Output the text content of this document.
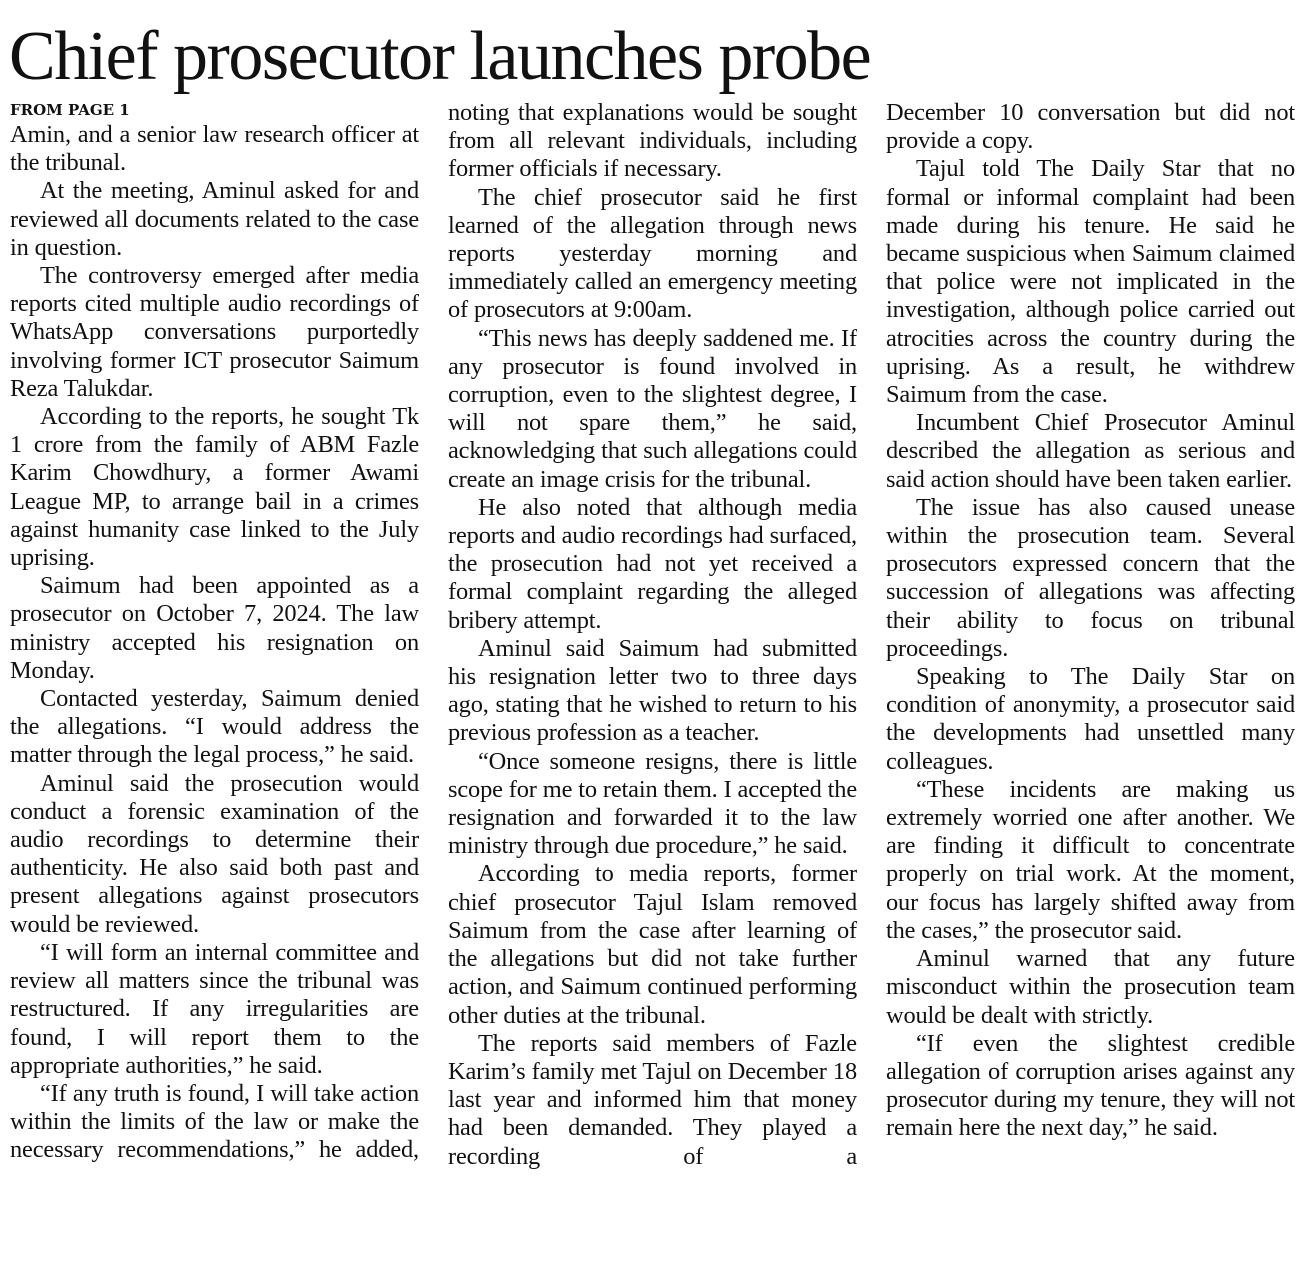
Chief prosecutor launches probe
FROM PAGE 1

Amin, and a senior law research officer at the tribunal.

At the meeting, Aminul asked for and reviewed all documents related to the case in question.

The controversy emerged after media reports cited multiple audio recordings of WhatsApp conversations purportedly involving former ICT prosecutor Saimum Reza Talukdar.

According to the reports, he sought Tk 1 crore from the family of ABM Fazle Karim Chowdhury, a former Awami League MP, to arrange bail in a crimes against humanity case linked to the July uprising.

Saimum had been appointed as a prosecutor on October 7, 2024. The law ministry accepted his resignation on Monday.

Contacted yesterday, Saimum denied the allegations. “I would address the matter through the legal process,” he said.

Aminul said the prosecution would conduct a forensic examination of the audio recordings to determine their authenticity. He also said both past and present allegations against prosecutors would be reviewed.

“I will form an internal committee and review all matters since the tribunal was restructured. If any irregularities are found, I will report them to the appropriate authorities,” he said.

“If any truth is found, I will take action within the limits of the law or make the necessary recommendations,” he added,

noting that explanations would be sought from all relevant individuals, including former officials if necessary.

The chief prosecutor said he first learned of the allegation through news reports yesterday morning and immediately called an emergency meeting of prosecutors at 9:00am.

“This news has deeply saddened me. If any prosecutor is found involved in corruption, even to the slightest degree, I will not spare them,” he said, acknowledging that such allegations could create an image crisis for the tribunal.

He also noted that although media reports and audio recordings had surfaced, the prosecution had not yet received a formal complaint regarding the alleged bribery attempt.

Aminul said Saimum had submitted his resignation letter two to three days ago, stating that he wished to return to his previous profession as a teacher.

“Once someone resigns, there is little scope for me to retain them. I accepted the resignation and forwarded it to the law ministry through due procedure,” he said.

According to media reports, former chief prosecutor Tajul Islam removed Saimum from the case after learning of the allegations but did not take further action, and Saimum continued performing other duties at the tribunal.

The reports said members of Fazle Karim’s family met Tajul on December 18 last year and informed him that money had been demanded. They played a recording of a

December 10 conversation but did not provide a copy.

Tajul told The Daily Star that no formal or informal complaint had been made during his tenure. He said he became suspicious when Saimum claimed that police were not implicated in the investigation, although police carried out atrocities across the country during the uprising. As a result, he withdrew Saimum from the case.

Incumbent Chief Prosecutor Aminul described the allegation as serious and said action should have been taken earlier.

The issue has also caused unease within the prosecution team. Several prosecutors expressed concern that the succession of allegations was affecting their ability to focus on tribunal proceedings.

Speaking to The Daily Star on condition of anonymity, a prosecutor said the developments had unsettled many colleagues.

“These incidents are making us extremely worried one after another. We are finding it difficult to concentrate properly on trial work. At the moment, our focus has largely shifted away from the cases,” the prosecutor said.

Aminul warned that any future misconduct within the prosecution team would be dealt with strictly.

“If even the slightest credible allegation of corruption arises against any prosecutor during my tenure, they will not remain here the next day,” he said.
